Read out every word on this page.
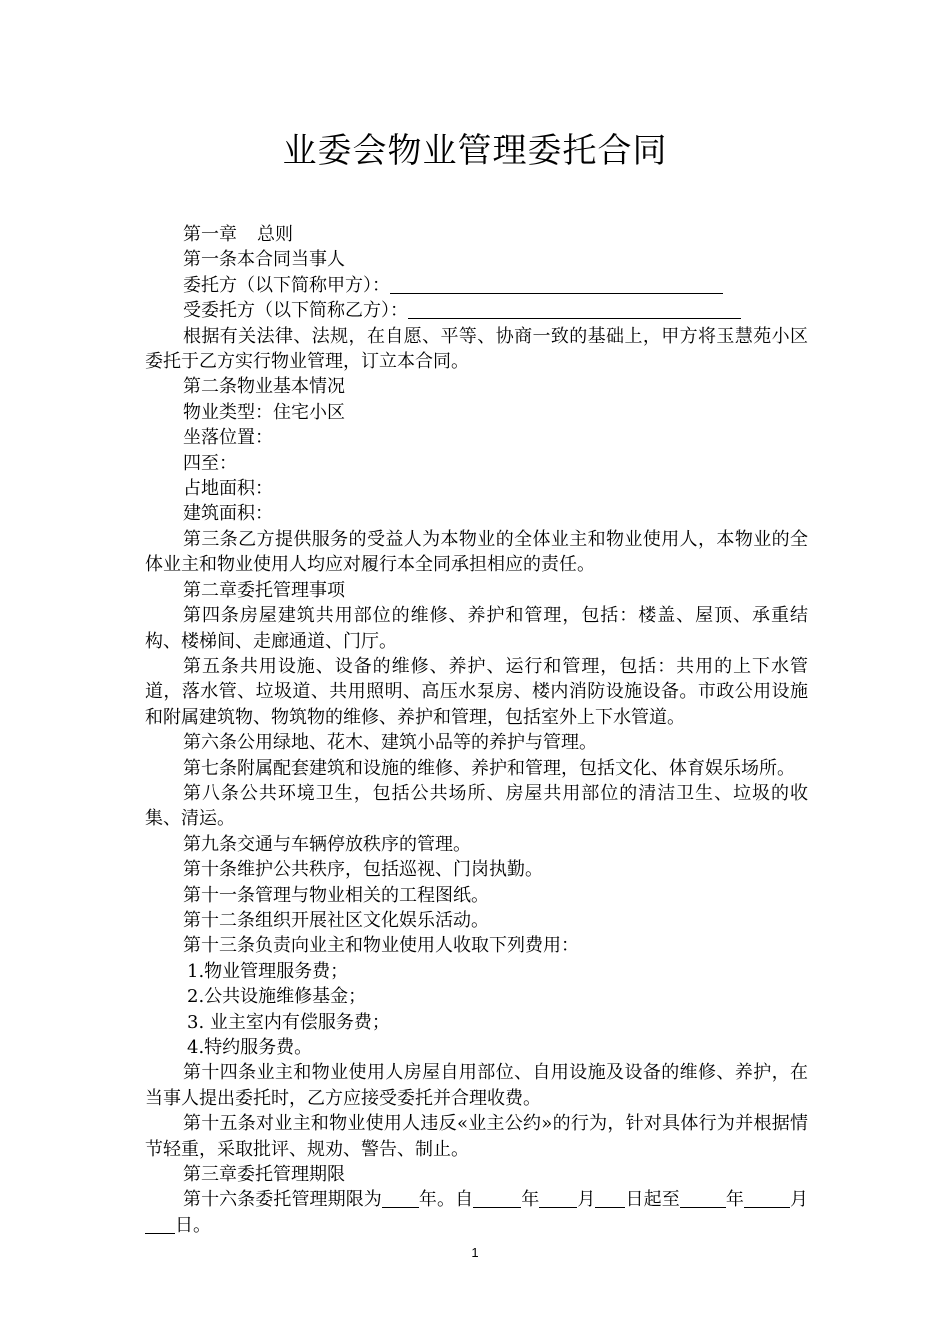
业委会物业管理委托合同

第一章 总则

第一条本合同当事人

委托方（以下简称甲方）：

受委托方（以下简称乙方）：

根据有关法律、法规，在自愿、平等、协商一致的基础上，甲方将玉慧苑小区委托于乙方实行物业管理，订立本合同。

第二条物业基本情况

物业类型：住宅小区

坐落位置：

四至：

占地面积：

建筑面积：

第三条乙方提供服务的受益人为本物业的全体业主和物业使用人，本物业的全体业主和物业使用人均应对履行本全同承担相应的责任。

第二章委托管理事项

第四条房屋建筑共用部位的维修、养护和管理，包括：楼盖、屋顶、承重结构、楼梯间、走廊通道、门厅。

第五条共用设施、设备的维修、养护、运行和管理，包括：共用的上下水管道，落水管、垃圾道、共用照明、高压水泵房、楼内消防设施设备。市政公用设施和附属建筑物、物筑物的维修、养护和管理，包括室外上下水管道。

第六条公用绿地、花木、建筑小品等的养护与管理。

第七条附属配套建筑和设施的维修、养护和管理，包括文化、体育娱乐场所。

第八条公共环境卫生，包括公共场所、房屋共用部位的清洁卫生、垃圾的收集、清运。

第九条交通与车辆停放秩序的管理。

第十条维护公共秩序，包括巡视、门岗执勤。

第十一条管理与物业相关的工程图纸。

第十二条组织开展社区文化娱乐活动。

第十三条负责向业主和物业使用人收取下列费用：

1.物业管理服务费；

2.公共设施维修基金；

3. 业主室内有偿服务费；

4.特约服务费。

第十四条业主和物业使用人房屋自用部位、自用设施及设备的维修、养护，在当事人提出委托时，乙方应接受委托并合理收费。

第十五条对业主和物业使用人违反«业主公约»的行为，针对具体行为并根据情节轻重，采取批评、规劝、警告、制止。

第三章委托管理期限

第十六条委托管理期限为 年。自	年 月 日起至	年	月日。

1
